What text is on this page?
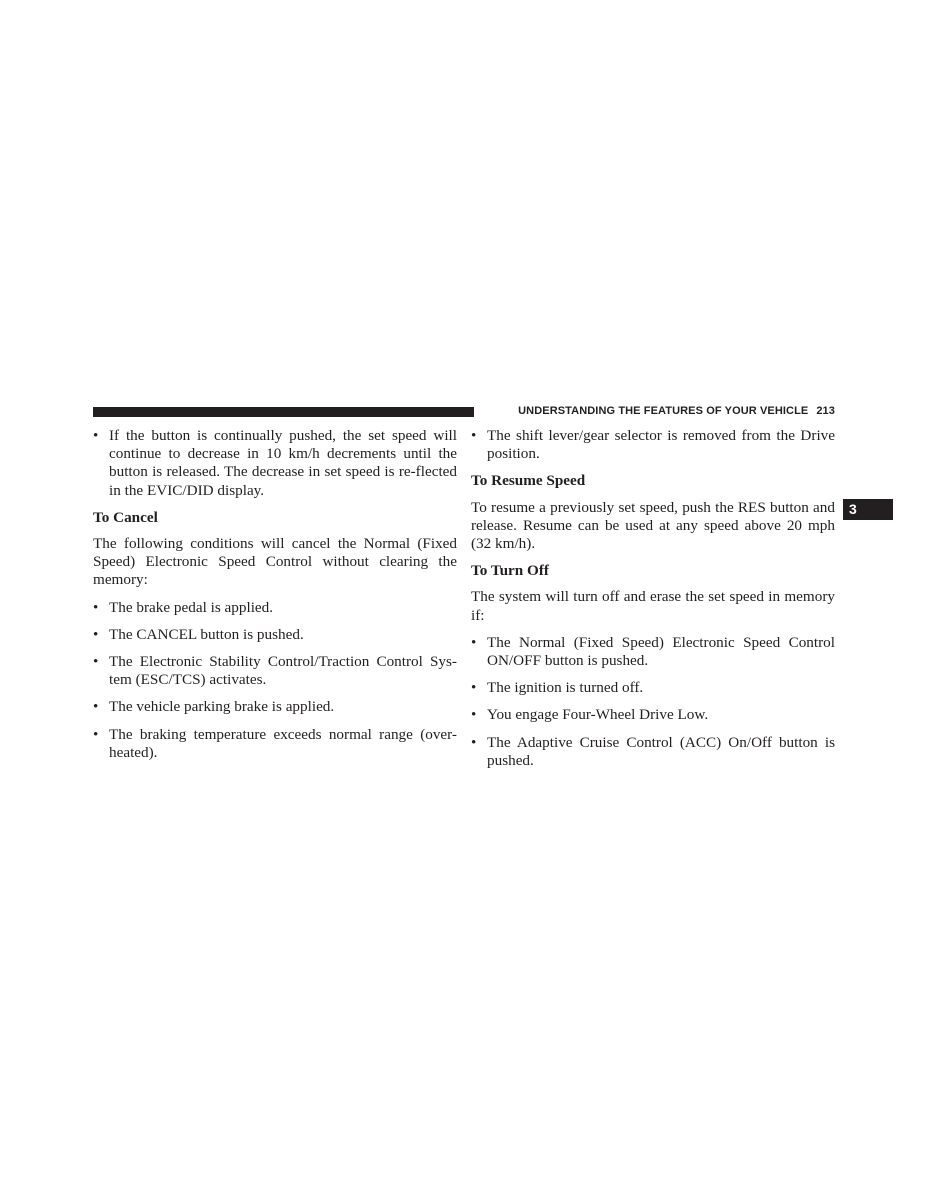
UNDERSTANDING THE FEATURES OF YOUR VEHICLE 213
3
• If the button is continually pushed, the set speed will continue to decrease in 10 km/h decrements until the button is released. The decrease in set speed is re-flected in the EVIC/DID display.
To Cancel

The following conditions will cancel the Normal (Fixed Speed) Electronic Speed Control without clearing the memory:

• The brake pedal is applied.
• The CANCEL button is pushed.
• The Electronic Stability Control/Traction Control Sys-tem (ESC/TCS) activates.
• The vehicle parking brake is applied.
• The braking temperature exceeds normal range (over-heated).
• The shift lever/gear selector is removed from the Drive position.
To Resume Speed

To resume a previously set speed, push the RES button and release. Resume can be used at any speed above 20 mph (32 km/h).

To Turn Off

The system will turn off and erase the set speed in memory if:

• The Normal (Fixed Speed) Electronic Speed Control ON/OFF button is pushed.
• The ignition is turned off.
• You engage Four-Wheel Drive Low.
• The Adaptive Cruise Control (ACC) On/Off button is pushed.
